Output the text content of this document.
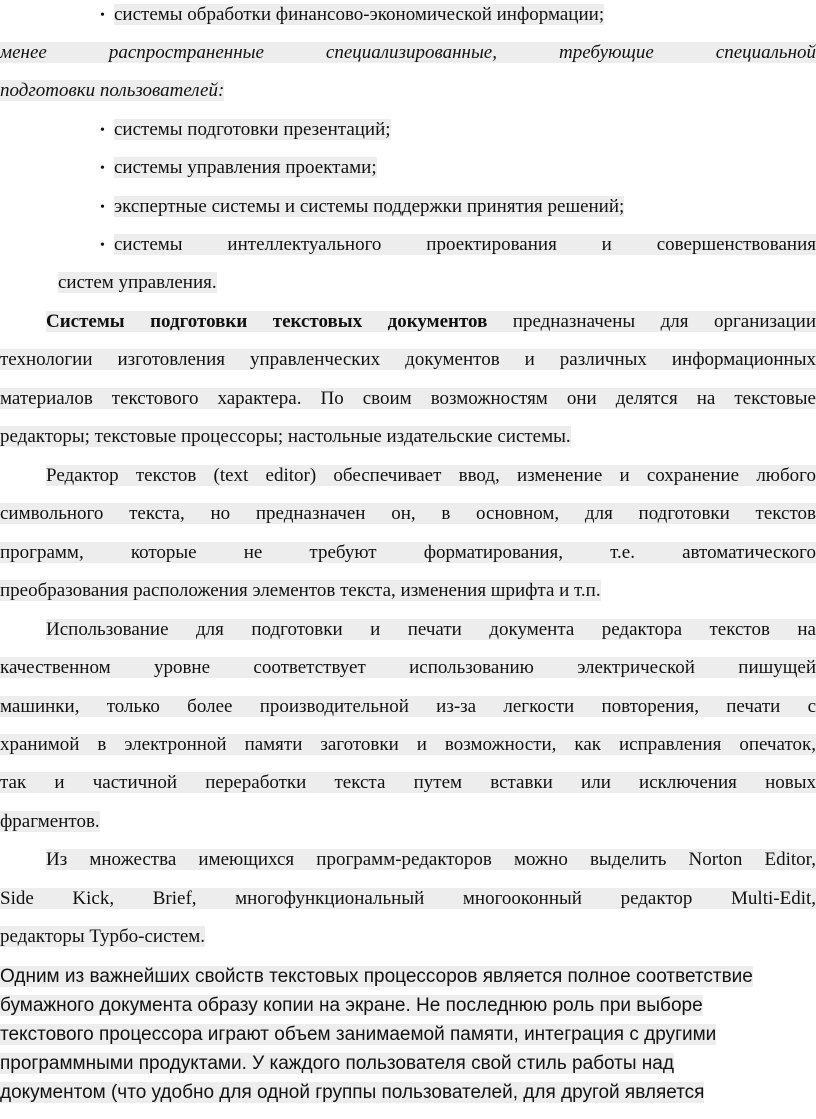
• системы обработки финансово-экономической информации;
менее распространенные специализированные, требующие специальной
подготовки пользователей:
• системы подготовки презентаций;
• системы управления проектами;
• экспертные системы и системы поддержки принятия решений;
• системы интеллектуального проектирования и совершенствования
систем управления.
Системы подготовки текстовых документов предназначены для организации
технологии изготовления управленческих документов и различных информационных
материалов текстового характера. По своим возможностям они делятся на текстовые
редакторы; текстовые процессоры; настольные издательские системы.
Редактор текстов (text editor) обеспечивает ввод, изменение и сохранение любого
символьного текста, но предназначен он, в основном, для подготовки текстов
программ, которые не требуют форматирования, т.е. автоматического
преобразования расположения элементов текста, изменения шрифта и т.п.
Использование для подготовки и печати документа редактора текстов на
качественном уровне соответствует использованию электрической пишущей
машинки, только более производительной из-за легкости повторения, печати с
хранимой в электронной памяти заготовки и возможности, как исправления опечаток,
так и частичной переработки текста путем вставки или исключения новых
фрагментов.
Из множества имеющихся программ-редакторов можно выделить Norton Editor,
Side Kick, Brief, многофункциональный многооконный редактор Multi-Edit,
редакторы Турбо-систем.
Одним из важнейших свойств текстовых процессоров является полное соответствие
бумажного документа образу копии на экране. Не последнюю роль при выборе
текстового процессора играют объем занимаемой памяти, интеграция с другими
программными продуктами. У каждого пользователя свой стиль работы над
документом (что удобно для одной группы пользователей, для другой является
